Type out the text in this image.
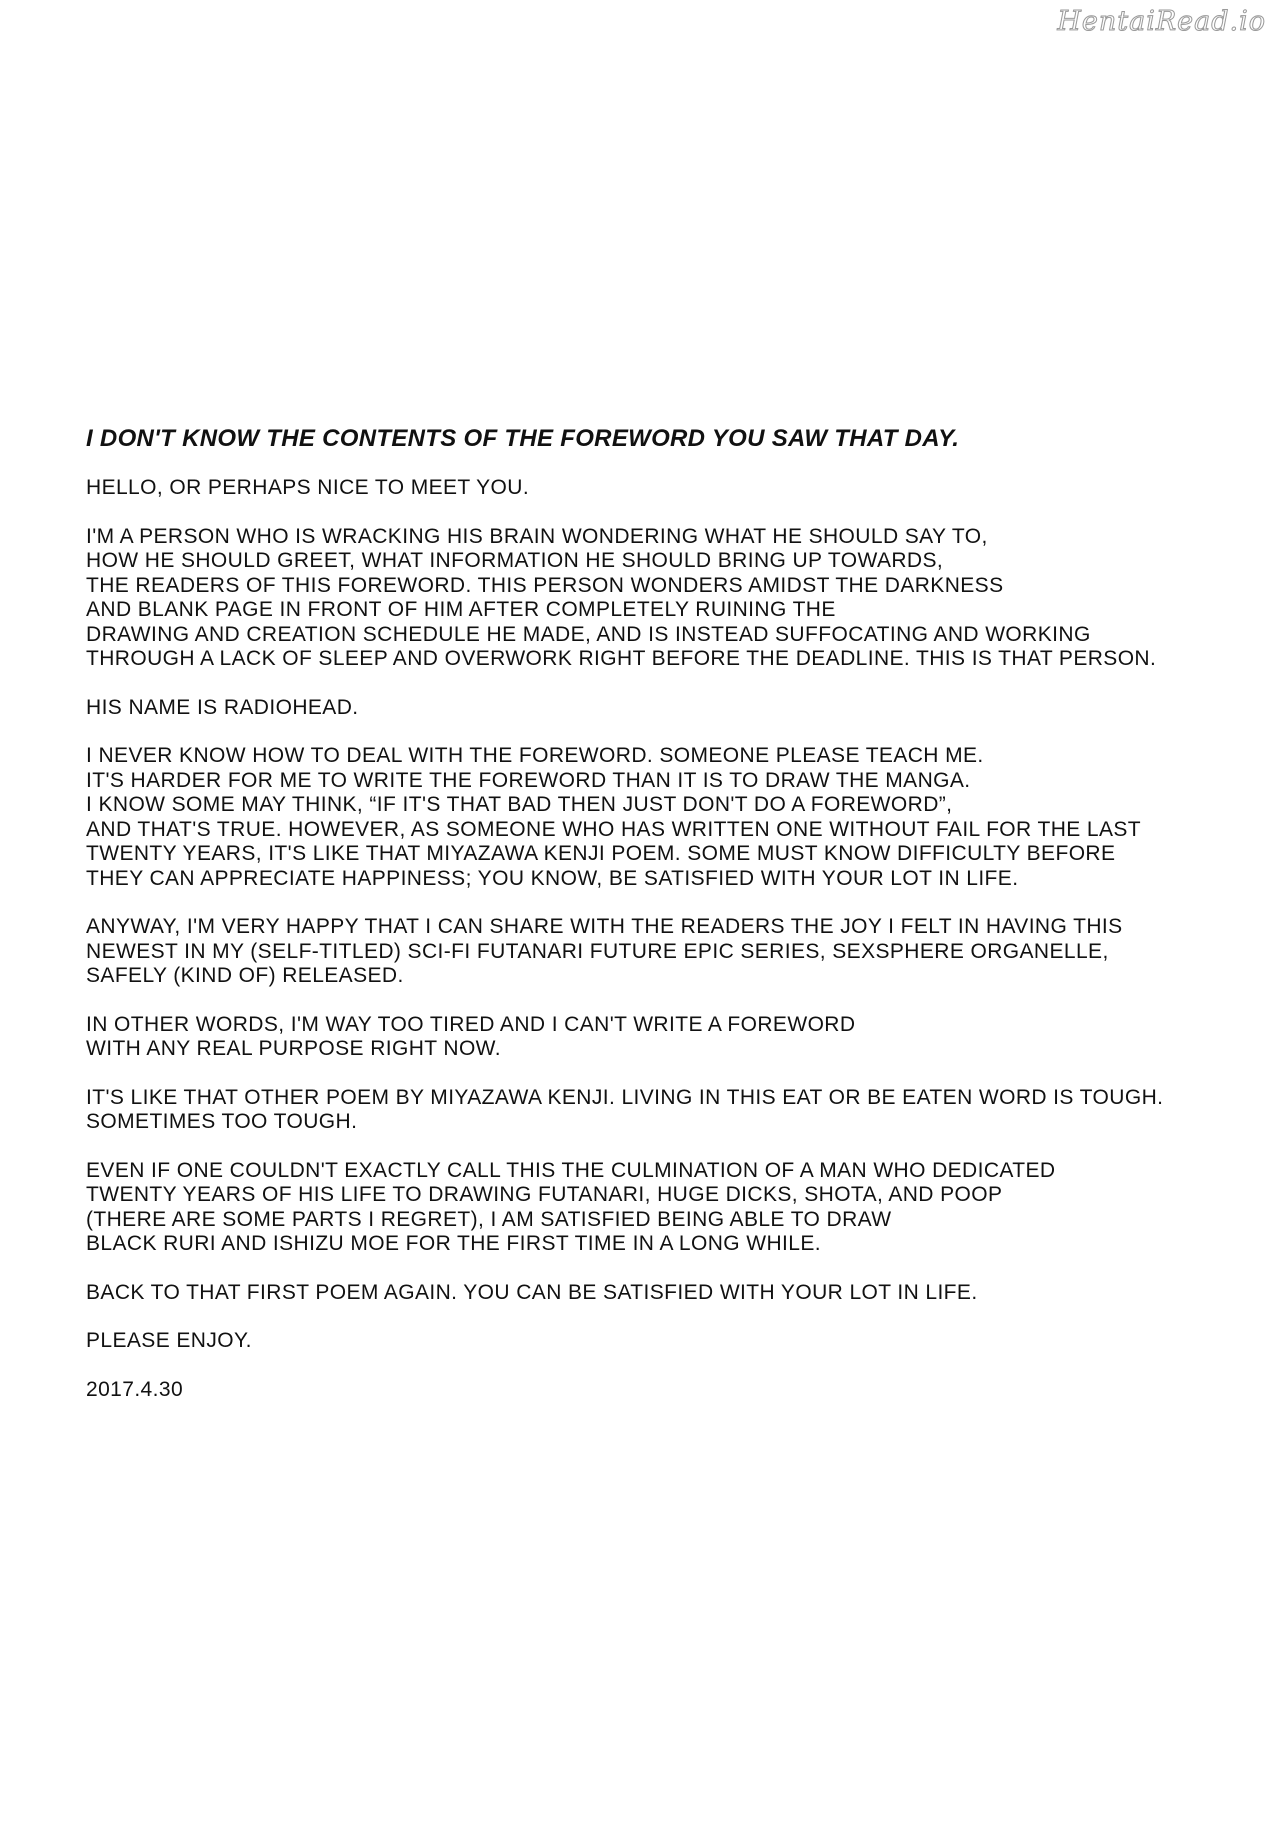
HentaiRead.io
I DON'T KNOW THE CONTENTS OF THE FOREWORD YOU SAW THAT DAY.
HELLO, OR PERHAPS NICE TO MEET YOU.
I'M A PERSON WHO IS WRACKING HIS BRAIN WONDERING WHAT HE SHOULD SAY TO,
HOW HE SHOULD GREET, WHAT INFORMATION HE SHOULD BRING UP TOWARDS,
THE READERS OF THIS FOREWORD. THIS PERSON WONDERS AMIDST THE DARKNESS
AND BLANK PAGE IN FRONT OF HIM AFTER COMPLETELY RUINING THE
DRAWING AND CREATION SCHEDULE HE MADE, AND IS INSTEAD SUFFOCATING AND WORKING
THROUGH A LACK OF SLEEP AND OVERWORK RIGHT BEFORE THE DEADLINE. THIS IS THAT PERSON.
HIS NAME IS RADIOHEAD.
I NEVER KNOW HOW TO DEAL WITH THE FOREWORD. SOMEONE PLEASE TEACH ME.
IT'S HARDER FOR ME TO WRITE THE FOREWORD THAN IT IS TO DRAW THE MANGA.
I KNOW SOME MAY THINK, “IF IT'S THAT BAD THEN JUST DON'T DO A FOREWORD”,
AND THAT'S TRUE. HOWEVER, AS SOMEONE WHO HAS WRITTEN ONE WITHOUT FAIL FOR THE LAST
TWENTY YEARS, IT'S LIKE THAT MIYAZAWA KENJI POEM. SOME MUST KNOW DIFFICULTY BEFORE
THEY CAN APPRECIATE HAPPINESS; YOU KNOW, BE SATISFIED WITH YOUR LOT IN LIFE.
ANYWAY, I'M VERY HAPPY THAT I CAN SHARE WITH THE READERS THE JOY I FELT IN HAVING THIS
NEWEST IN MY (SELF-TITLED) SCI-FI FUTANARI FUTURE EPIC SERIES, SEXSPHERE ORGANELLE,
SAFELY (KIND OF) RELEASED.
IN OTHER WORDS, I'M WAY TOO TIRED AND I CAN'T WRITE A FOREWORD
WITH ANY REAL PURPOSE RIGHT NOW.
IT'S LIKE THAT OTHER POEM BY MIYAZAWA KENJI. LIVING IN THIS EAT OR BE EATEN WORD IS TOUGH.
SOMETIMES TOO TOUGH.
EVEN IF ONE COULDN'T EXACTLY CALL THIS THE CULMINATION OF A MAN WHO DEDICATED
TWENTY YEARS OF HIS LIFE TO DRAWING FUTANARI, HUGE DICKS, SHOTA, AND POOP
(THERE ARE SOME PARTS I REGRET), I AM SATISFIED BEING ABLE TO DRAW
BLACK RURI AND ISHIZU MOE FOR THE FIRST TIME IN A LONG WHILE.
BACK TO THAT FIRST POEM AGAIN. YOU CAN BE SATISFIED WITH YOUR LOT IN LIFE.
PLEASE ENJOY.
2017.4.30
